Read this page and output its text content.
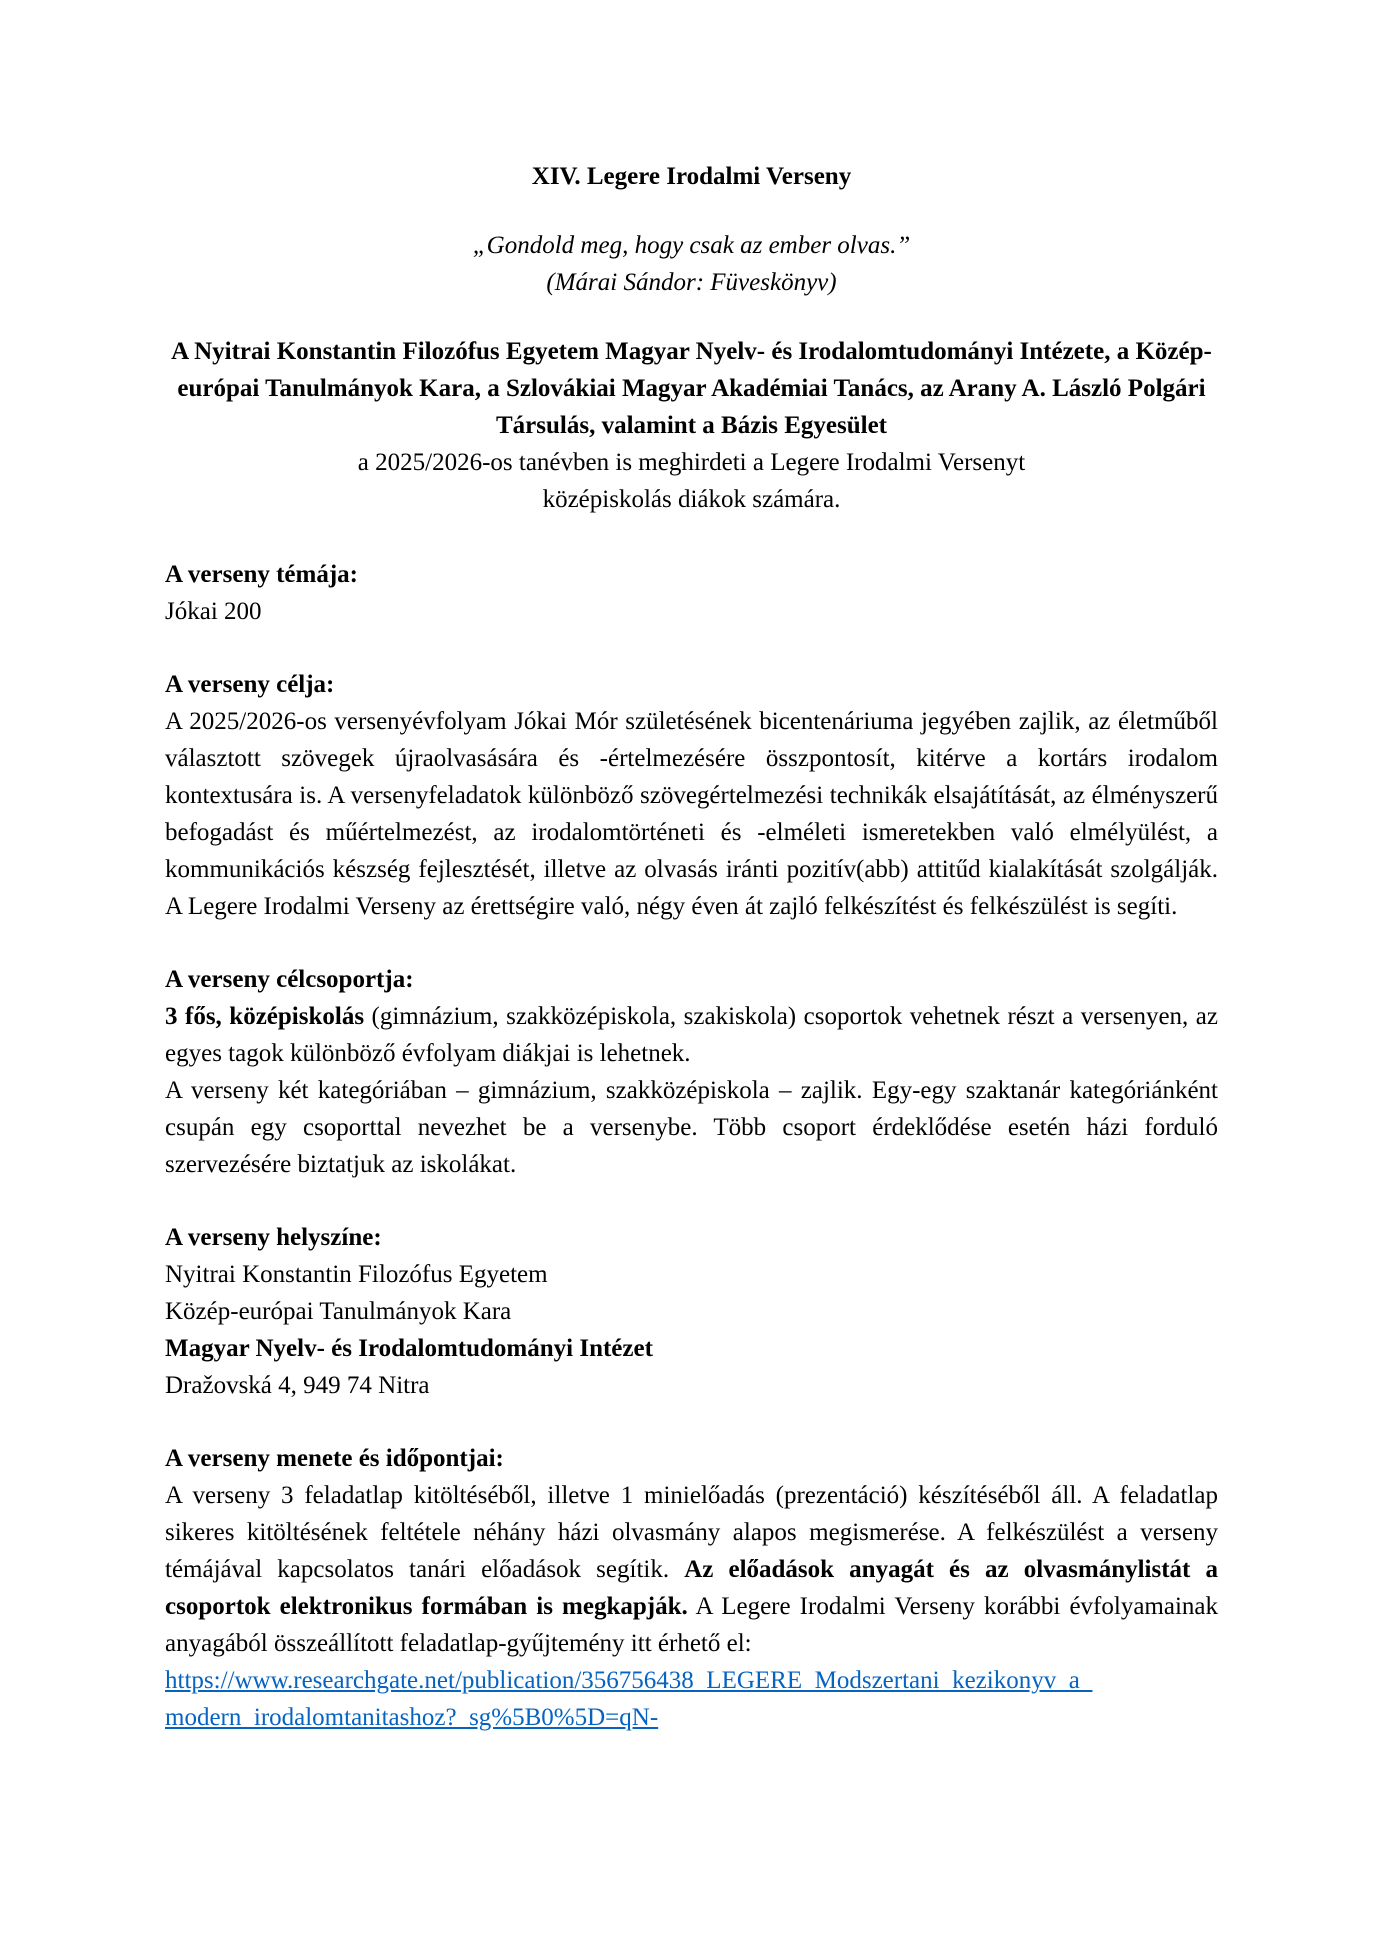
XIV. Legere Irodalmi Verseny

„Gondold meg, hogy csak az ember olvas.”
(Márai Sándor: Füveskönyv)
A Nyitrai Konstantin Filozófus Egyetem Magyar Nyelv- és Irodalomtudományi Intézete, a Közép-európai Tanulmányok Kara, a Szlovákiai Magyar Akadémiai Tanács, az Arany A. László Polgári Társulás, valamint a Bázis Egyesület
a 2025/2026-os tanévben is meghirdeti a Legere Irodalmi Versenyt
középiskolás diákok számára.
A verseny témája:

Jókai 200

A verseny célja:

A 2025/2026-os versenyévfolyam Jókai Mór születésének bicentenáriuma jegyében zajlik, az életműből választott szövegek újraolvasására és -értelmezésére összpontosít, kitérve a kortárs irodalom kontextusára is. A versenyfeladatok különböző szövegértelmezési technikák elsajátítását, az élményszerű befogadást és műértelmezést, az irodalomtörténeti és -elméleti ismeretekben való elmélyülést, a kommunikációs készség fejlesztését, illetve az olvasás iránti pozitív(abb) attitűd kialakítását szolgálják. A Legere Irodalmi Verseny az érettségire való, négy éven át zajló felkészítést és felkészülést is segíti.

A verseny célcsoportja:

3 fős, középiskolás (gimnázium, szakközépiskola, szakiskola) csoportok vehetnek részt a versenyen, az egyes tagok különböző évfolyam diákjai is lehetnek.

A verseny két kategóriában – gimnázium, szakközépiskola – zajlik. Egy-egy szaktanár kategóriánként csupán egy csoporttal nevezhet be a versenybe. Több csoport érdeklődése esetén házi forduló szervezésére biztatjuk az iskolákat.

A verseny helyszíne:
Nyitrai Konstantin Filozófus Egyetem
Közép-európai Tanulmányok Kara
Magyar Nyelv- és Irodalomtudományi Intézet
Dražovská 4, 949 74 Nitra
A verseny menete és időpontjai:

A verseny 3 feladatlap kitöltéséből, illetve 1 minielőadás (prezentáció) készítéséből áll. A feladatlap sikeres kitöltésének feltétele néhány házi olvasmány alapos megismerése. A felkészülést a verseny témájával kapcsolatos tanári előadások segítik. Az előadások anyagát és az olvasmánylistát a csoportok elektronikus formában is megkapják. A Legere Irodalmi Verseny korábbi évfolyamainak anyagából összeállított feladatlap-gyűjtemény itt érhető el:

https://www.researchgate.net/publication/356756438_LEGERE_Modszertani_kezikonyv_a_
modern_irodalomtanitashoz?_sg%5B0%5D=qN-
